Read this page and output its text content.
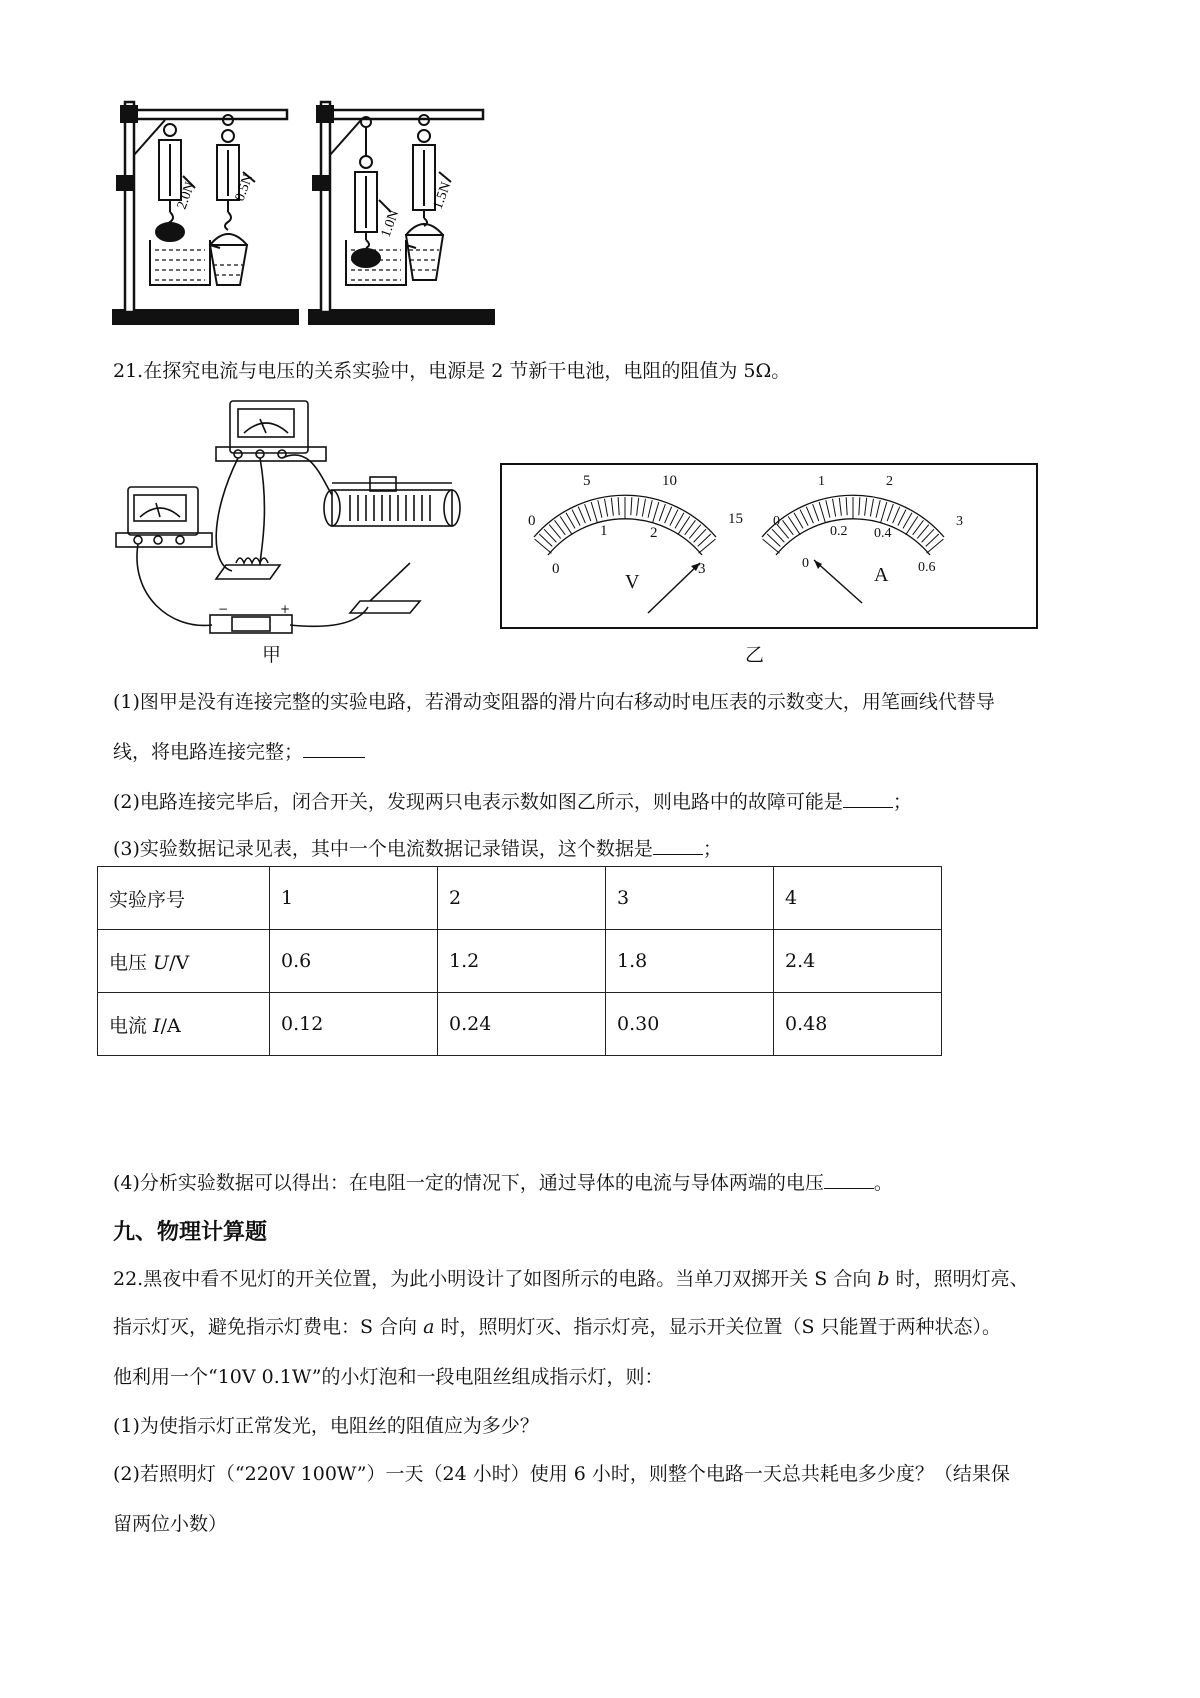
2.0N 0.5N
1.0N
1.5N
21.在探究电流与电压的关系实验中，电源是 2 节新干电池，电阻的阻值为 5Ω。
−	+
甲
0
5	10
15
0
1	2
3
V
0
1	2
3
0
0.2 0.4
0.6
A
乙
(1)图甲是没有连接完整的实验电路，若滑动变阻器的滑片向右移动时电压表的示数变大，用笔画线代替导
线，将电路连接完整；
(2)电路连接完毕后，闭合开关，发现两只电表示数如图乙所示，则电路中的故障可能是	；
(3)实验数据记录见表，其中一个电流数据记录错误，这个数据是	；
实验序号	1	2	3	4
电压 U/V	0.6	1.2	1.8	2.4
电流 I/A	0.12	0.24	0.30	0.48
(4)分析实验数据可以得出：在电阻一定的情况下，通过导体的电流与导体两端的电压	。
九、物理计算题
22.黑夜中看不见灯的开关位置，为此小明设计了如图所示的电路。当单刀双掷开关 S 合向 b 时，照明灯亮、
指示灯灭，避免指示灯费电：S 合向 a 时，照明灯灭、指示灯亮，显示开关位置（S 只能置于两种状态）。
他利用一个“10V 0.1W”的小灯泡和一段电阻丝组成指示灯，则：
(1)为使指示灯正常发光，电阻丝的阻值应为多少？
(2)若照明灯（“220V 100W”）一天（24 小时）使用 6 小时，则整个电路一天总共耗电多少度？（结果保
留两位小数）
